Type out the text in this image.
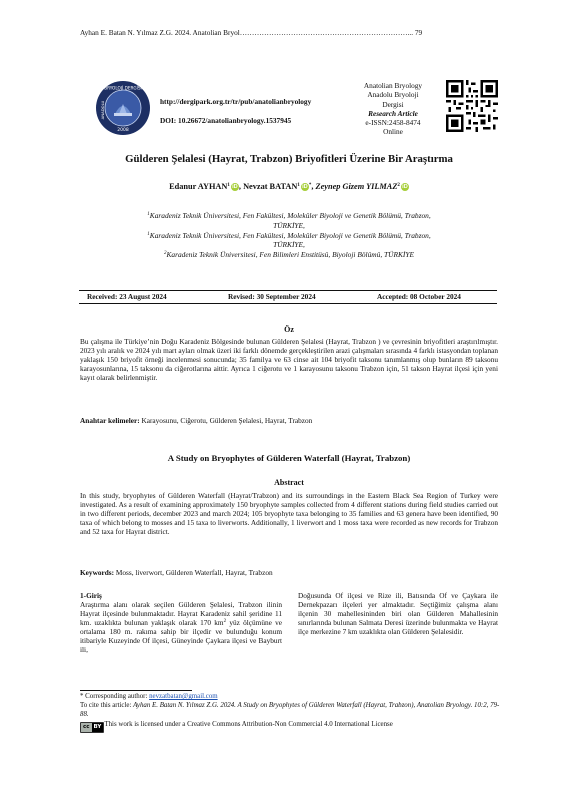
Ayhan E. Batan N. Yılmaz Z.G. 2024. Anatolian Bryol……………………………………………………………... 79
BRYOLOJİ DERGİSİ
ANADOLU
2008
http://dergipark.org.tr/tr/pub/anatolianbryology
DOI: 10.26672/anatolianbryology.1537945
Anatolian Bryology
Anadolu Bryoloji
Dergisi
Research Article
e-ISSN:2458-8474
Online
Gülderen Şelalesi (Hayrat, Trabzon) Briyofitleri Üzerine Bir Araştırma
Edanur AYHAN$^1$ iD, Nevzat BATAN$^1$ iD*, Zeynep Gizem YILMAZ$^2$ iD
$^1$Karadeniz Teknik Üniversitesi, Fen Fakültesi, Moleküler Biyoloji ve Genetik Bölümü, Trabzon,
TÜRKİYE,
$^1$Karadeniz Teknik Üniversitesi, Fen Fakültesi, Moleküler Biyoloji ve Genetik Bölümü, Trabzon,
TÜRKİYE,
$^2$Karadeniz Teknik Üniversitesi, Fen Bilimleri Enstitüsü, Biyoloji Bölümü, TÜRKİYE
Received: 23 August 2024	Revised: 30 September 2024	Accepted: 08 October 2024
Öz
Bu çalışma ile Türkiye’nin Doğu Karadeniz Bölgesinde bulunan Gülderen Şelalesi (Hayrat, Trabzon ) ve çevresinin briyofitleri araştırılmıştır. 2023 yılı aralık ve 2024 yılı mart ayları olmak üzeri iki farklı dönemde gerçekleştirilen arazi çalışmaları sırasında 4 farklı istasyondan toplanan yaklaşık 150 briyofit örneği incelenmesi sonucunda; 35 familya ve 63 cinse ait 104 briyofit taksonu tanımlanmış olup bunların 89 taksonu karayosunlarına, 15 taksonu da ciğerotlarına aittir. Ayrıca 1 ciğerotu ve 1 karayosunu taksonu Trabzon için, 51 takson Hayrat ilçesi için yeni kayıt olarak belirlenmiştir.
Anahtar kelimeler: Karayosunu, Ciğerotu, Gülderen Şelalesi, Hayrat, Trabzon
A Study on Bryophytes of Gülderen Waterfall (Hayrat, Trabzon)
Abstract
In this study, bryophytes of Gülderen Waterfall (Hayrat/Trabzon) and its surroundings in the Eastern Black Sea Region of Turkey were investigated. As a result of examining approximately 150 bryophyte samples collected from 4 different stations during field studies carried out in two different periods, december 2023 and march 2024; 105 bryophyte taxa belonging to 35 families and 63 genera have been identified, 90 taxa of which belong to mosses and 15 taxa to liverworts. Additionally, 1 liverwort and 1 moss taxa were recorded as new records for Trabzon and 52 taxa for Hayrat district.
Keywords: Moss, liverwort, Gülderen Waterfall, Hayrat, Trabzon
1-Giriş
Araştırma alanı olarak seçilen Gülderen Şelalesi, Trabzon ilinin Hayrat ilçesinde bulunmaktadır. Hayrat Karadeniz sahil şeridine 11 km. uzaklıkta bulunan yaklaşık olarak 170 $km^2$ yüz ölçümüne ve ortalama 180 m. rakıma sahip bir ilçedir ve bulunduğu konum itibariyle Kuzeyinde Of ilçesi, Güneyinde Çaykara ilçesi ve Bayburt ili,
Doğusunda Of ilçesi ve Rize ili, Batısında Of ve Çaykara ile Dernekpazarı ilçeleri yer almaktadır. Seçtiğimiz çalışma alanı ilçenin 30 mahellesininden biri olan Gülderen Mahallesinin sınırlarında bulunan Salmata Deresi üzerinde bulunmakta ve Hayrat ilçe merkezine 7 km uzaklıkta olan Gülderen Şelalesidir.
* Corresponding author: nevzatbatan@gmail.com
To cite this article: Ayhan E. Batan N. Yılmaz Z.G. 2024. A Study on Bryophytes of Gülderen Waterfall (Hayrat, Trabzon), Anatolian Bryology. 10:2, 79-88.
cc BY This work is licensed under a Creative Commons Attribution-Non Commercial 4.0 International License
